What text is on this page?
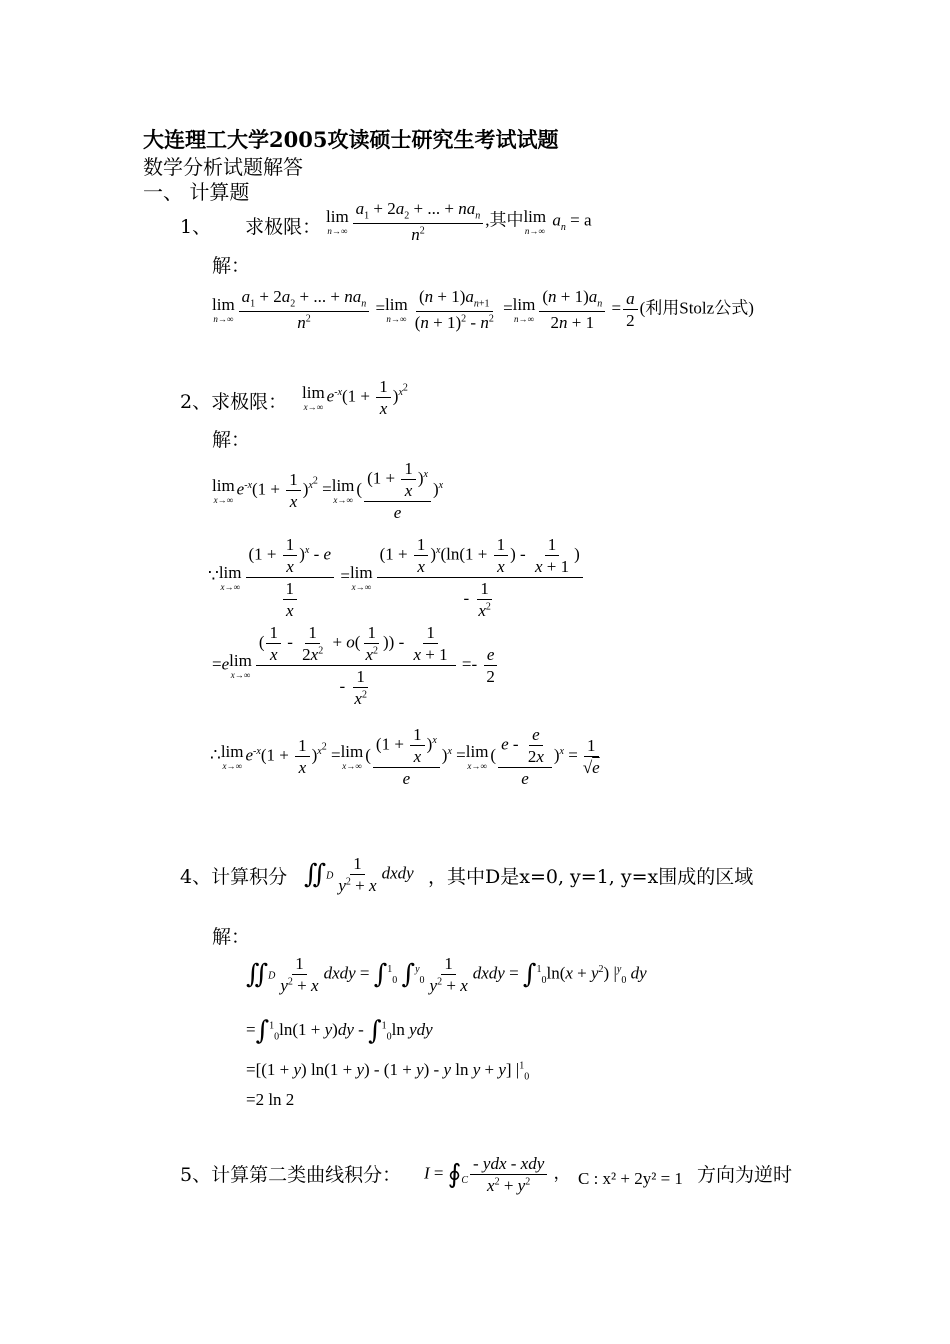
大连理工大学2005攻读硕士研究生考试试题
数学分析试题解答
一、 计算题
1、 求极限： lim
$n\to\infty \frac{a_1 + 2a_2 + ... + na_n}{n^2}$ ,其中 lim
n→∞
$a_n = a$
解：
lim
$n\to\infty \frac{a_1 + 2a_2 + ... + na_n}{n^2} = \lim$
$n\to\infty \frac{(n + 1)a_{n+1}}{(n + 1)^2 - n^2} = \lim$
$n\to\infty \frac{(n + 1)a_n}{2n + 1} = \frac{a}{2}$ (利用Stolz公式)
2、求极限： lim
x→∞
$e^{-x}(1 + \frac{1}{x} )^{x^2}$
解：
lim
x→∞
$e^{-x}(1 + \frac{1}{x} )^{x^2} = \lim$
x→∞
( $\frac{(1 + \frac{1}{x} )^x}{e} )^x$
∵ lim
$x\to\infty \frac{(1 + \frac{1}{x} )^x - e}{\frac{1}{x}} = \lim$
$x\to\infty \frac{(1 + \frac{1}{x} )^x(\ln(1 + \frac{1}{x} ) - \frac{1}{x + 1} )}{- \frac{1}{x^2}}$
=e lim
$x\to\infty \frac{( \frac{1}{x} - \frac{1}{2x^2} + o( \frac{1}{x^2} )) - \frac{1}{x + 1}}{- \frac{1}{x^2}} =- \frac{e}{2}$
∴ lim
x→∞
$e^{-x}(1 + \frac{1}{x} )^{x^2} = \lim$
x→∞
( $\frac{(1 + \frac{1}{x} )^x}{e} )^x = \lim$
x→∞
( $\frac{e - \frac{e}{2x}}{e} )^x = \frac{1}{√e}$
4、计算积分 ∬D $\frac{1}{y^2 + x}$ dxdy ，其中D是x=0, y=1, y=x围成的区域
解：
∬D $\frac{1}{y^2 + x}$ dxdy = ∫$^1_0$ $\int^y_0 \frac{1}{y^2 + x}$ dxdy = $\int^1_0\ln(x + y^2)$ $|^y_0$ dy
=∫$^1_0$ln(1 + y)dy - ∫$^1_0$ln ydy
=[(1 + y) ln(1 + y) - (1 + y) - y ln y + y] $|^1_0$
=2 ln 2
5、计算第二类曲线积分： $I = ∮_C \frac{\text{- ydx - xdy}}{x^2 + y^2}$ ， C : x² + 2y² = 1 方向为逆时
